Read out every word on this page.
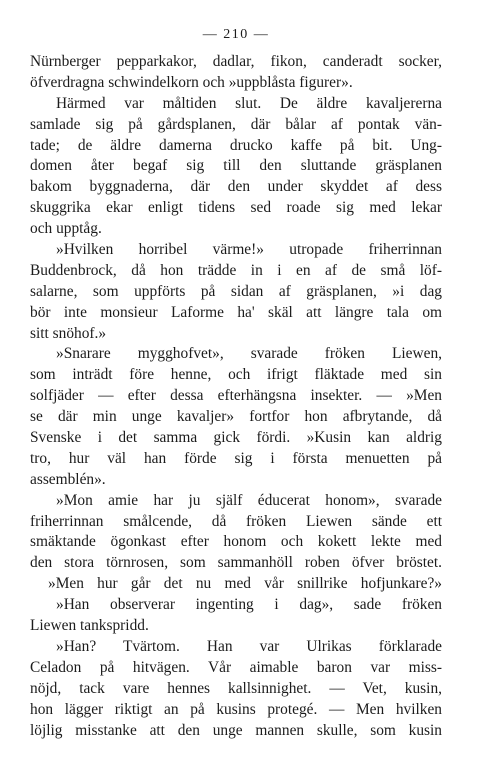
— 210 —
Nürnberger pepparkakor, dadlar, fikon, canderadt socker,
öfverdragna schwindelkorn och »uppblåsta figurer».
Härmed var måltiden slut. De äldre kavaljererna
samlade sig på gårdsplanen, där bålar af pontak vän-
tade; de äldre damerna drucko kaffe på bit. Ung-
domen åter begaf sig till den sluttande gräsplanen
bakom byggnaderna, där den under skyddet af dess
skuggrika ekar enligt tidens sed roade sig med lekar
och upptåg.
»Hvilken horribel värme!» utropade friherrinnan
Buddenbrock, då hon trädde in i en af de små löf-
salarne, som uppförts på sidan af gräsplanen, »i dag
bör inte monsieur Laforme ha' skäl att längre tala om
sitt snöhof.»
»Snarare mygghofvet», svarade fröken Liewen,
som inträdt före henne, och ifrigt fläktade med sin
solfjäder — efter dessa efterhängsna insekter. — »Men
se där min unge kavaljer» fortfor hon afbrytande, då
Svenske i det samma gick fördi. »Kusin kan aldrig
tro, hur väl han förde sig i första menuetten på
assemblén».
»Mon amie har ju själf éducerat honom», svarade
friherrinnan smålcende, då fröken Liewen sände ett
smäktande ögonkast efter honom och kokett lekte med
den stora törnrosen, som sammanhöll roben öfver bröstet.
»Men hur går det nu med vår snillrike hofjunkare?»
»Han observerar ingenting i dag», sade fröken
Liewen tankspridd.
»Han? Tvärtom. Han var Ulrikas förklarade
Celadon på hitvägen. Vår aimable baron var miss-
nöjd, tack vare hennes kallsinnighet. — Vet, kusin,
hon lägger riktigt an på kusins protegé. — Men hvilken
löjlig misstanke att den unge mannen skulle, som kusin
